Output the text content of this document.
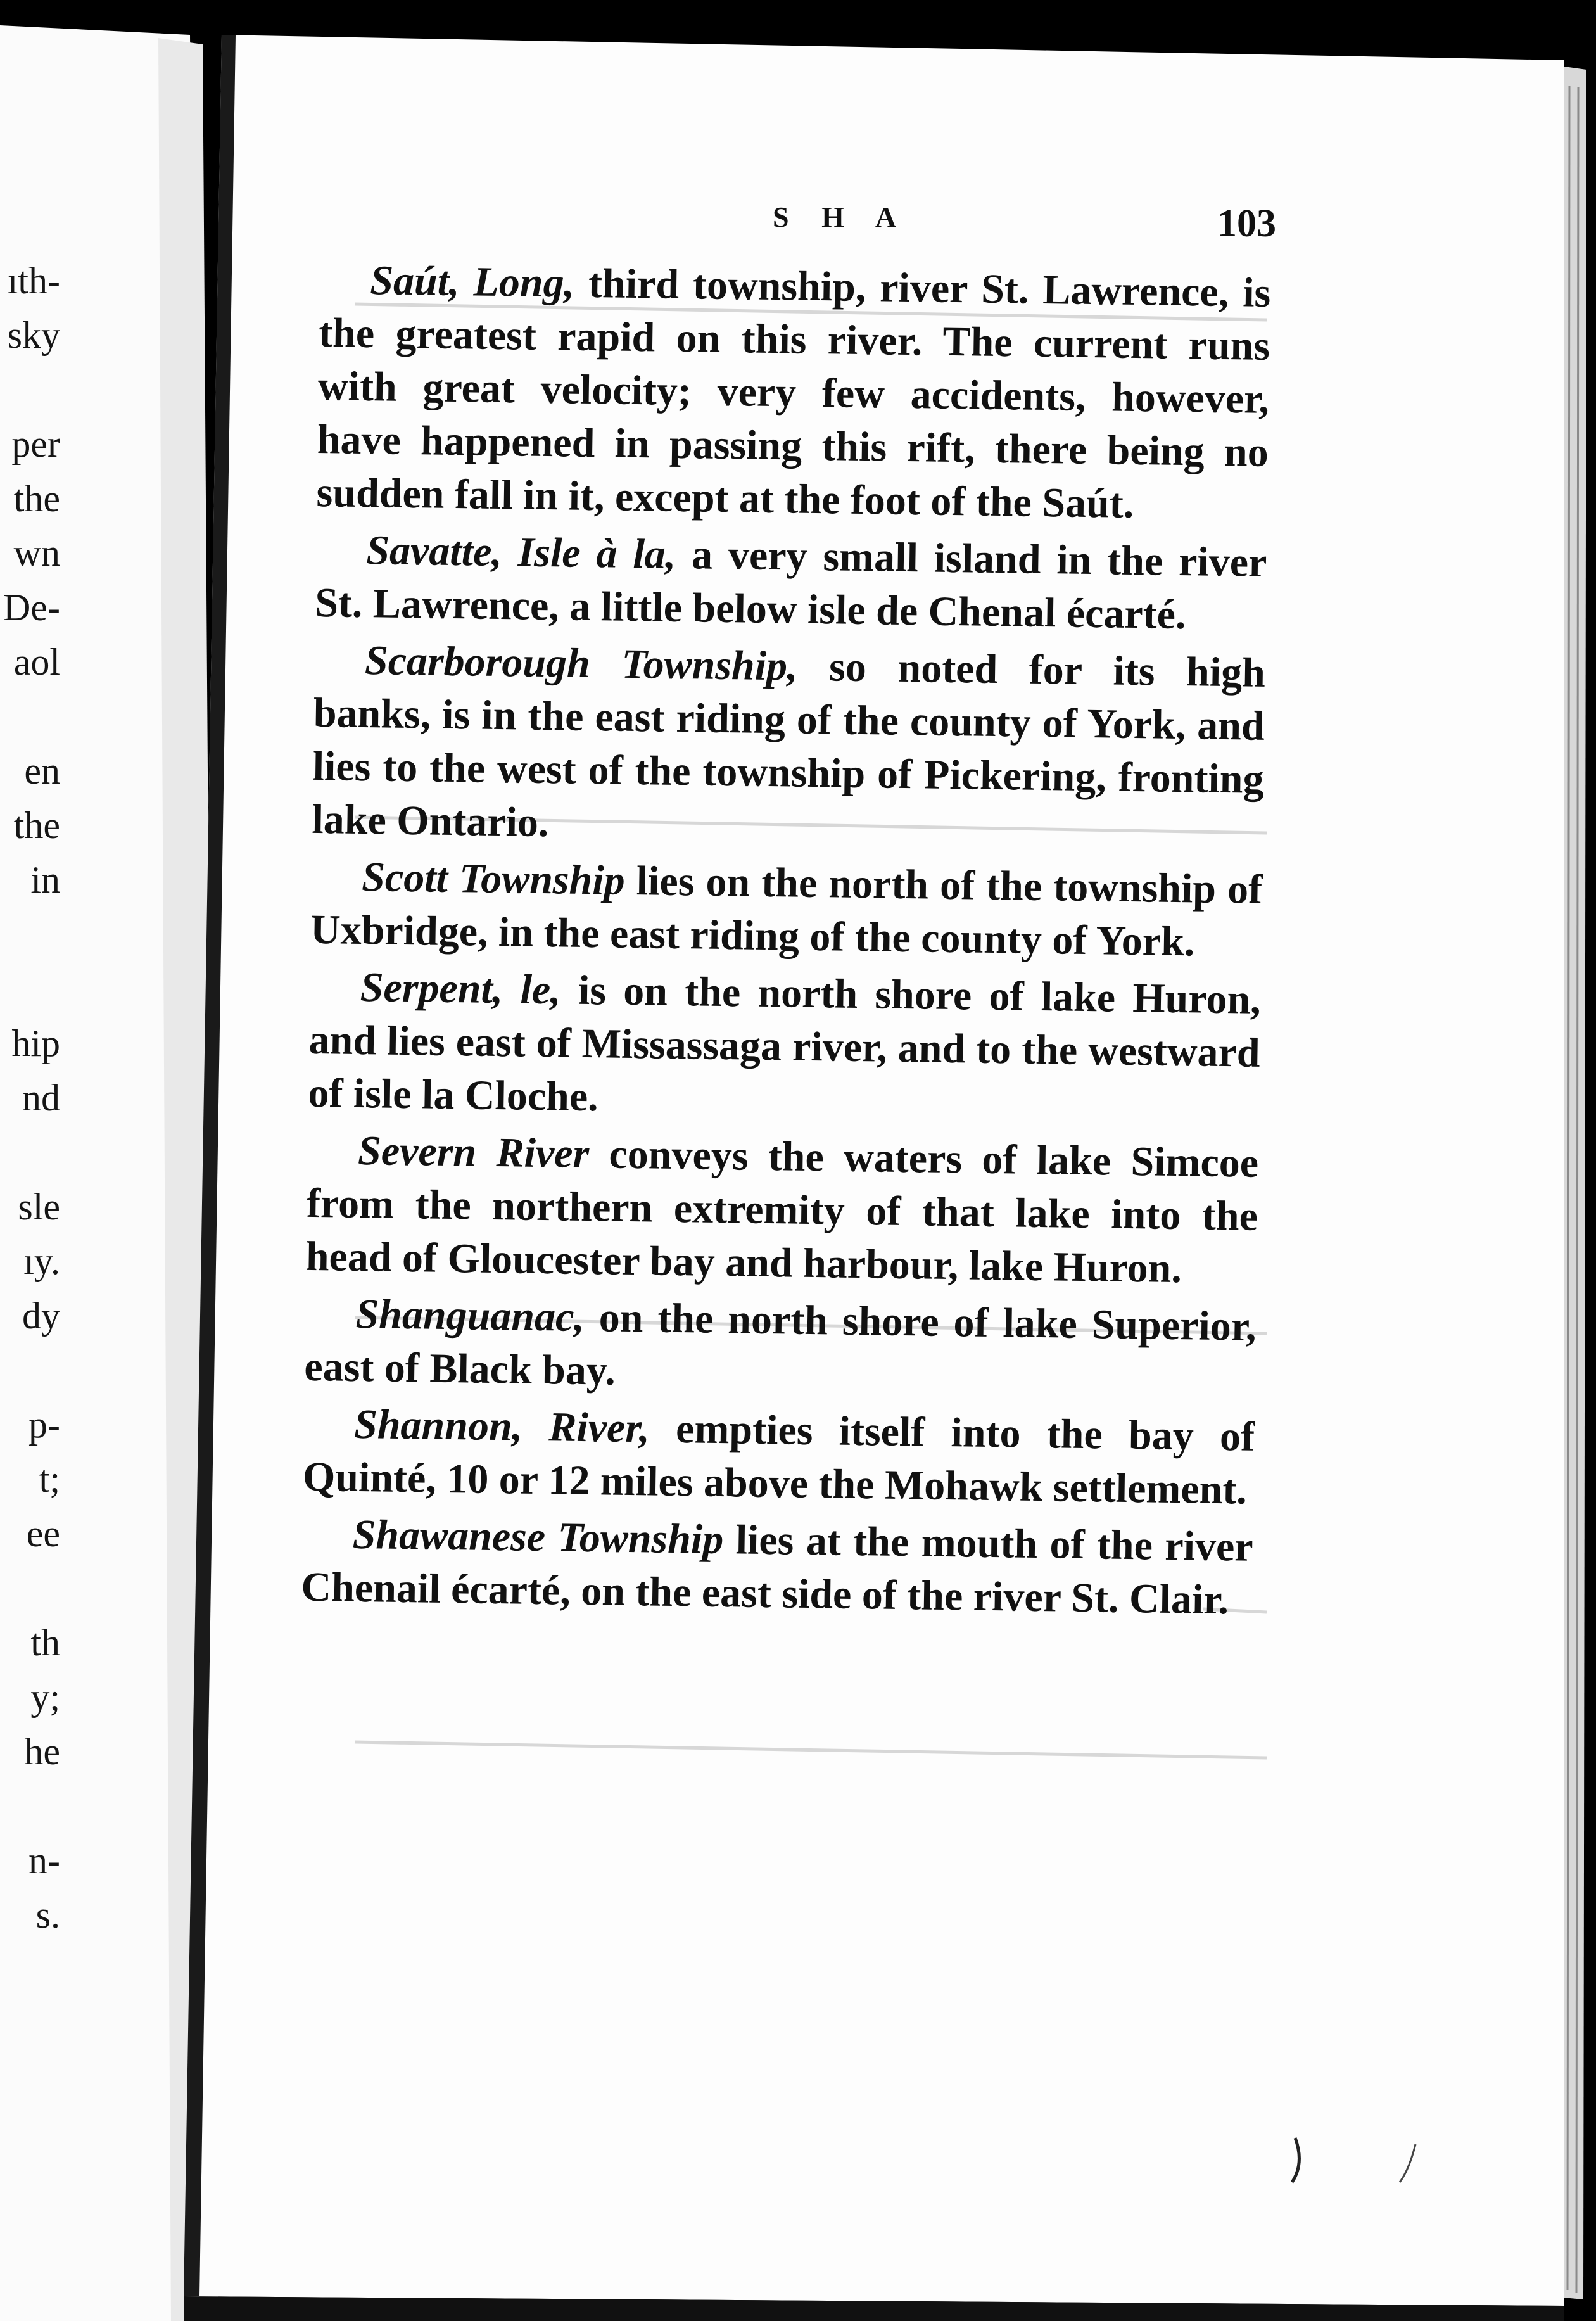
ıth-
sky
per
the
wn
De-
aol
en
the
in
hip
nd
sle
ıy.
dy
p-
t;
ee
th
y;
he
n-
s.
S H A	103

Saút, Long, third township, river St. Lawrence, is the greatest rapid on this river. The current runs with great velocity; very few accidents, however, have happened in passing this rift, there being no sudden fall in it, except at the foot of the Saút.

Savatte, Isle à la, a very small island in the river St. Lawrence, a little below isle de Chenal écarté.

Scarborough Township, so noted for its high banks, is in the east riding of the county of York, and lies to the west of the township of Pickering, fronting lake Ontario.

Scott Township lies on the north of the township of Uxbridge, in the east riding of the county of York.

Serpent, le, is on the north shore of lake Huron, and lies east of Missassaga river, and to the westward of isle la Cloche.

Severn River conveys the waters of lake Simcoe from the northern extremity of that lake into the head of Gloucester bay and harbour, lake Huron.

Shanguanac, on the north shore of lake Superior, east of Black bay.

Shannon, River, empties itself into the bay of Quinté, 10 or 12 miles above the Mohawk settlement.

Shawanese Township lies at the mouth of the river Chenail écarté, on the east side of the river St. Clair.
